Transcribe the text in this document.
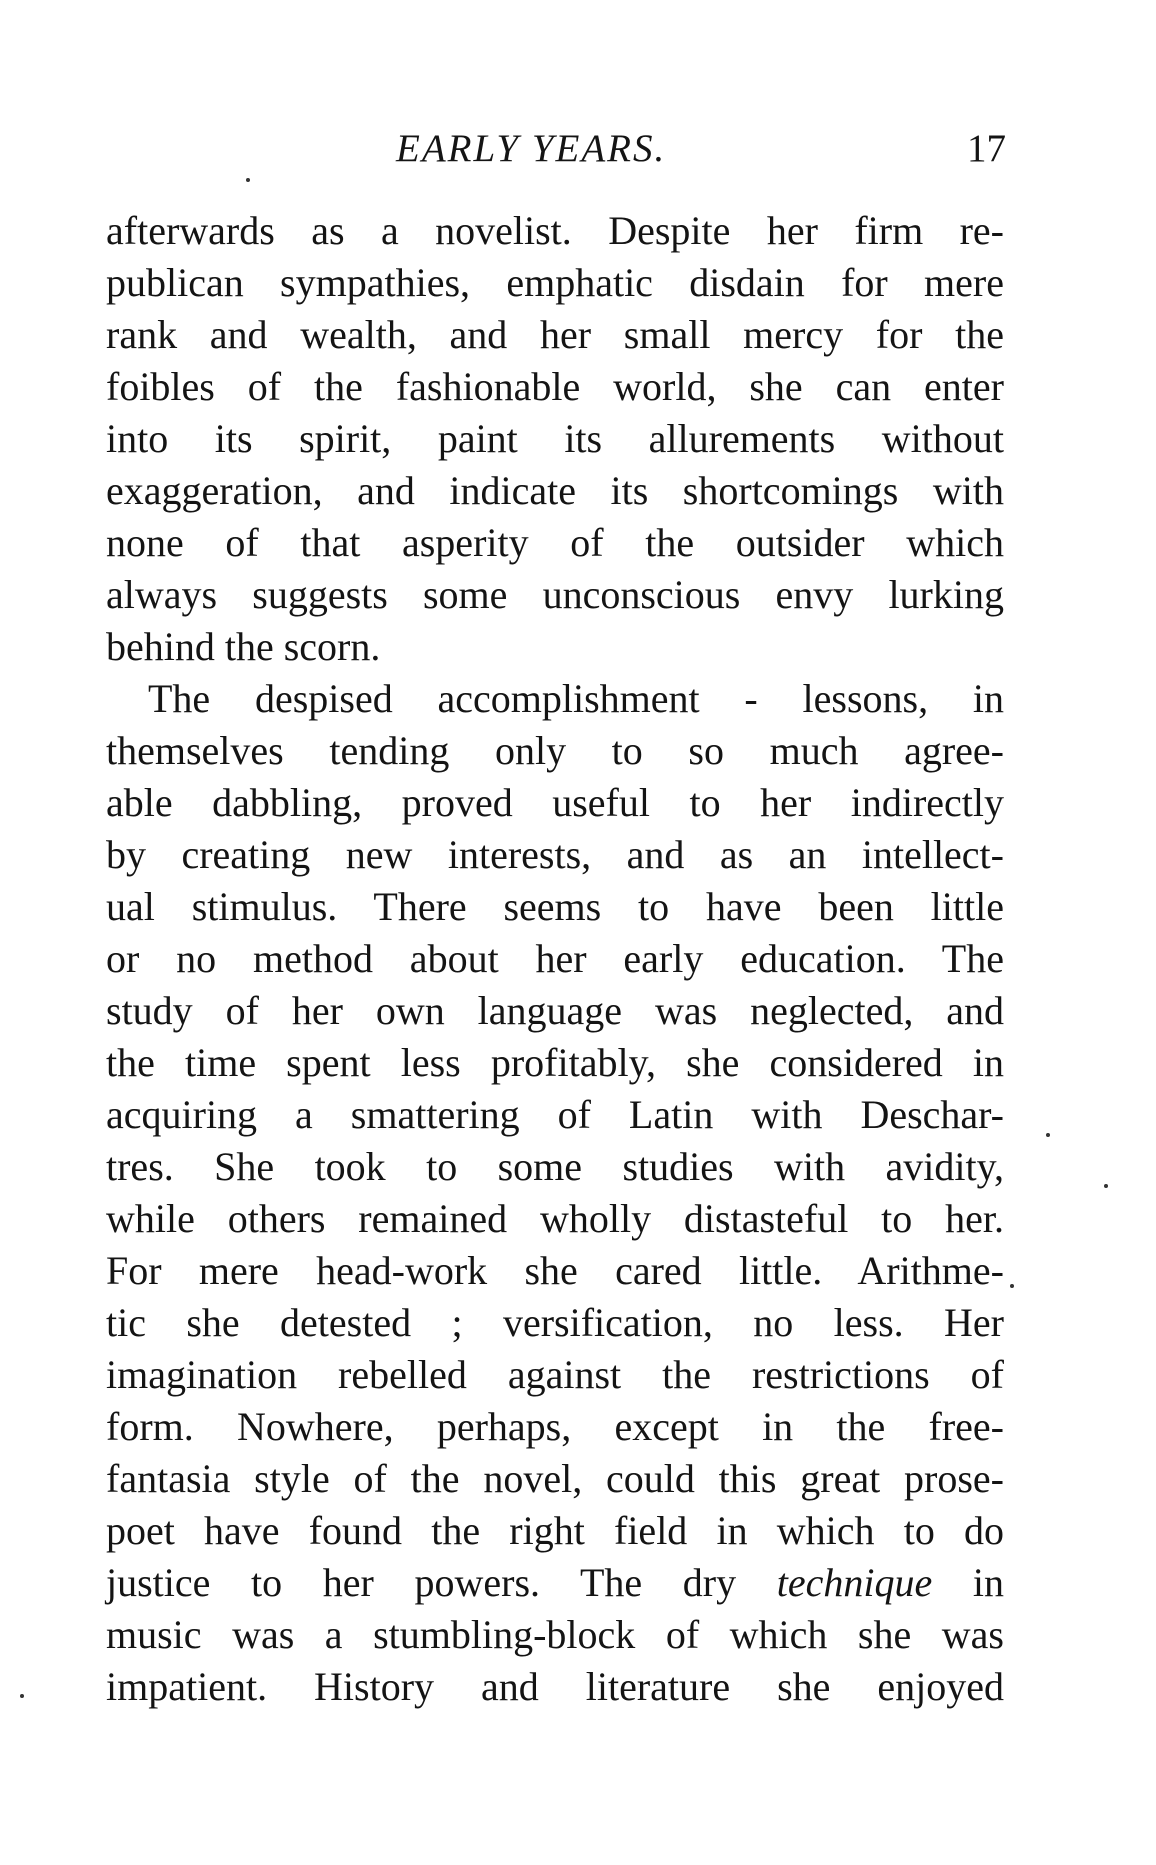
EARLY YEARS.	17
afterwards as a novelist. Despite her firm re-
publican sympathies, emphatic disdain for mere
rank and wealth, and her small mercy for the
foibles of the fashionable world, she can enter
into its spirit, paint its allurements without
exaggeration, and indicate its shortcomings with
none of that asperity of the outsider which
always suggests some unconscious envy lurking
behind the scorn.
The despised accomplishment - lessons, in
themselves tending only to so much agree-
able dabbling, proved useful to her indirectly
by creating new interests, and as an intellect-
ual stimulus. There seems to have been little
or no method about her early education. The
study of her own language was neglected, and
the time spent less profitably, she considered in
acquiring a smattering of Latin with Deschar-
tres. She took to some studies with avidity,
while others remained wholly distasteful to her.
For mere head-work she cared little. Arithme-
tic she detested ; versification, no less. Her
imagination rebelled against the restrictions of
form. Nowhere, perhaps, except in the free-
fantasia style of the novel, could this great prose-
poet have found the right field in which to do
justice to her powers. The dry technique in
music was a stumbling-block of which she was
impatient. History and literature she enjoyed
